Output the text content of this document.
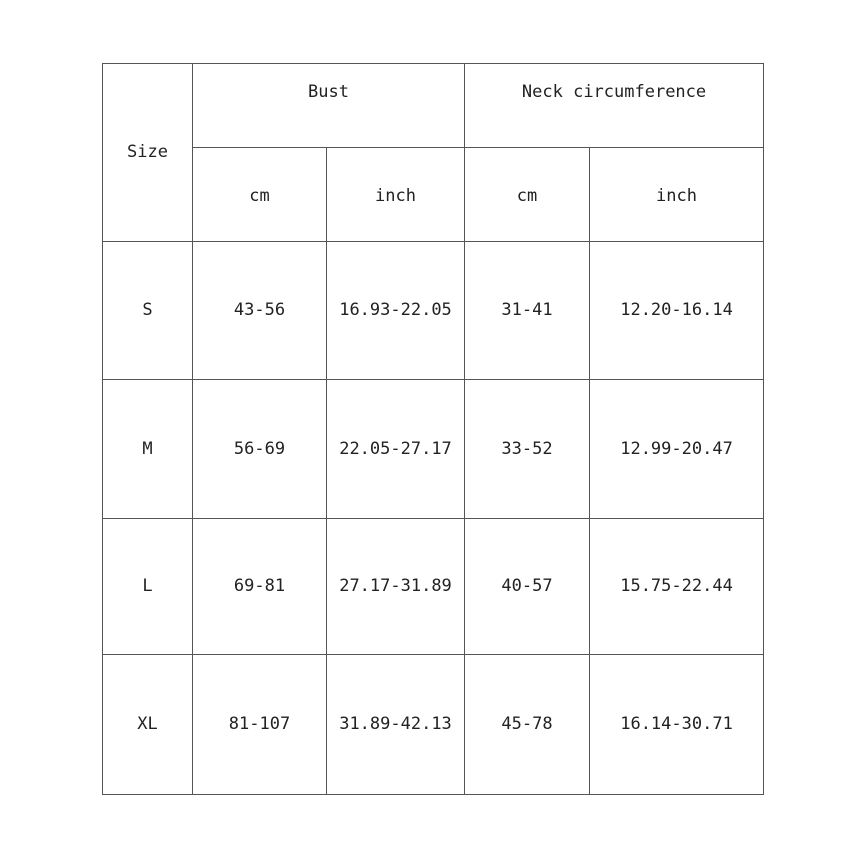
Size	Bust		Neck circumference	
	cm	inch	cm	inch
S	43-56	16.93-22.05	31-41	12.20-16.14
M	56-69	22.05-27.17	33-52	12.99-20.47
L	69-81	27.17-31.89	40-57	15.75-22.44
XL	81-107	31.89-42.13	45-78	16.14-30.71
